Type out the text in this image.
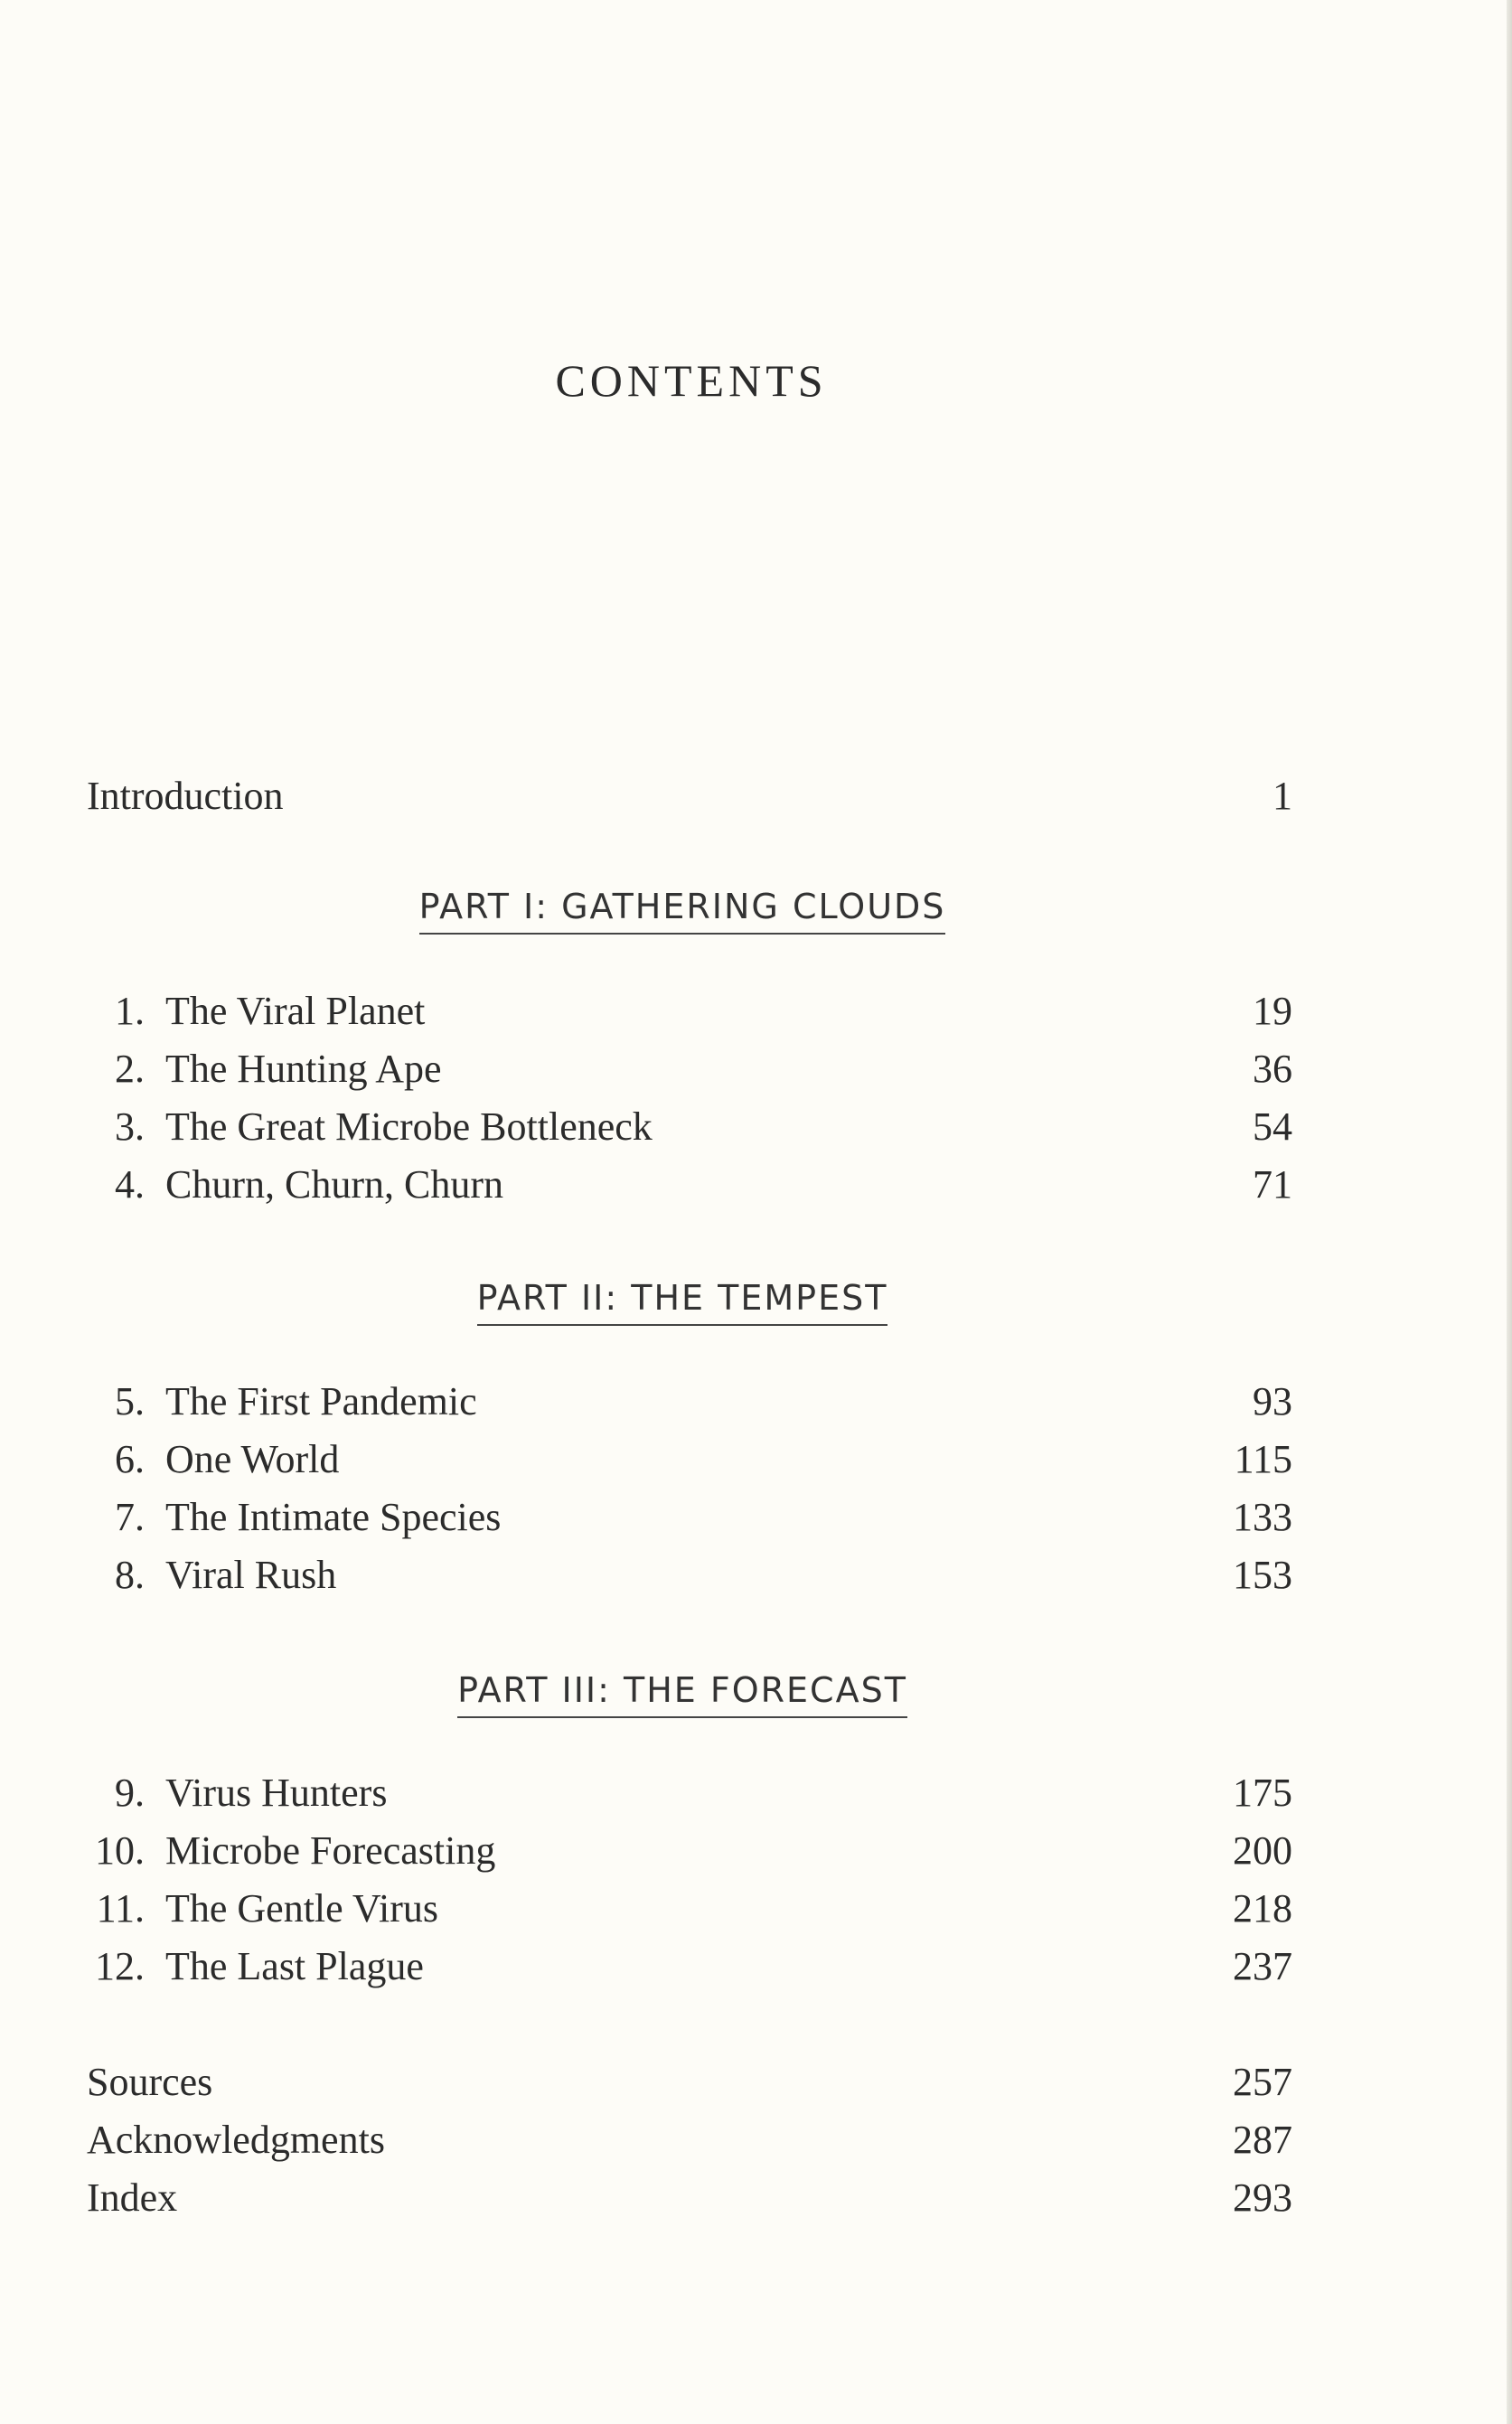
CONTENTS
Introduction	1
PART I: GATHERING CLOUDS
1. The Viral Planet	19
2. The Hunting Ape	36
3. The Great Microbe Bottleneck	54
4. Churn, Churn, Churn	71
PART II: THE TEMPEST
5. The First Pandemic	93
6. One World	115
7. The Intimate Species	133
8. Viral Rush	153
PART III: THE FORECAST
9. Virus Hunters	175
10. Microbe Forecasting	200
11. The Gentle Virus	218
12. The Last Plague	237
Sources	257
Acknowledgments	287
Index	293
